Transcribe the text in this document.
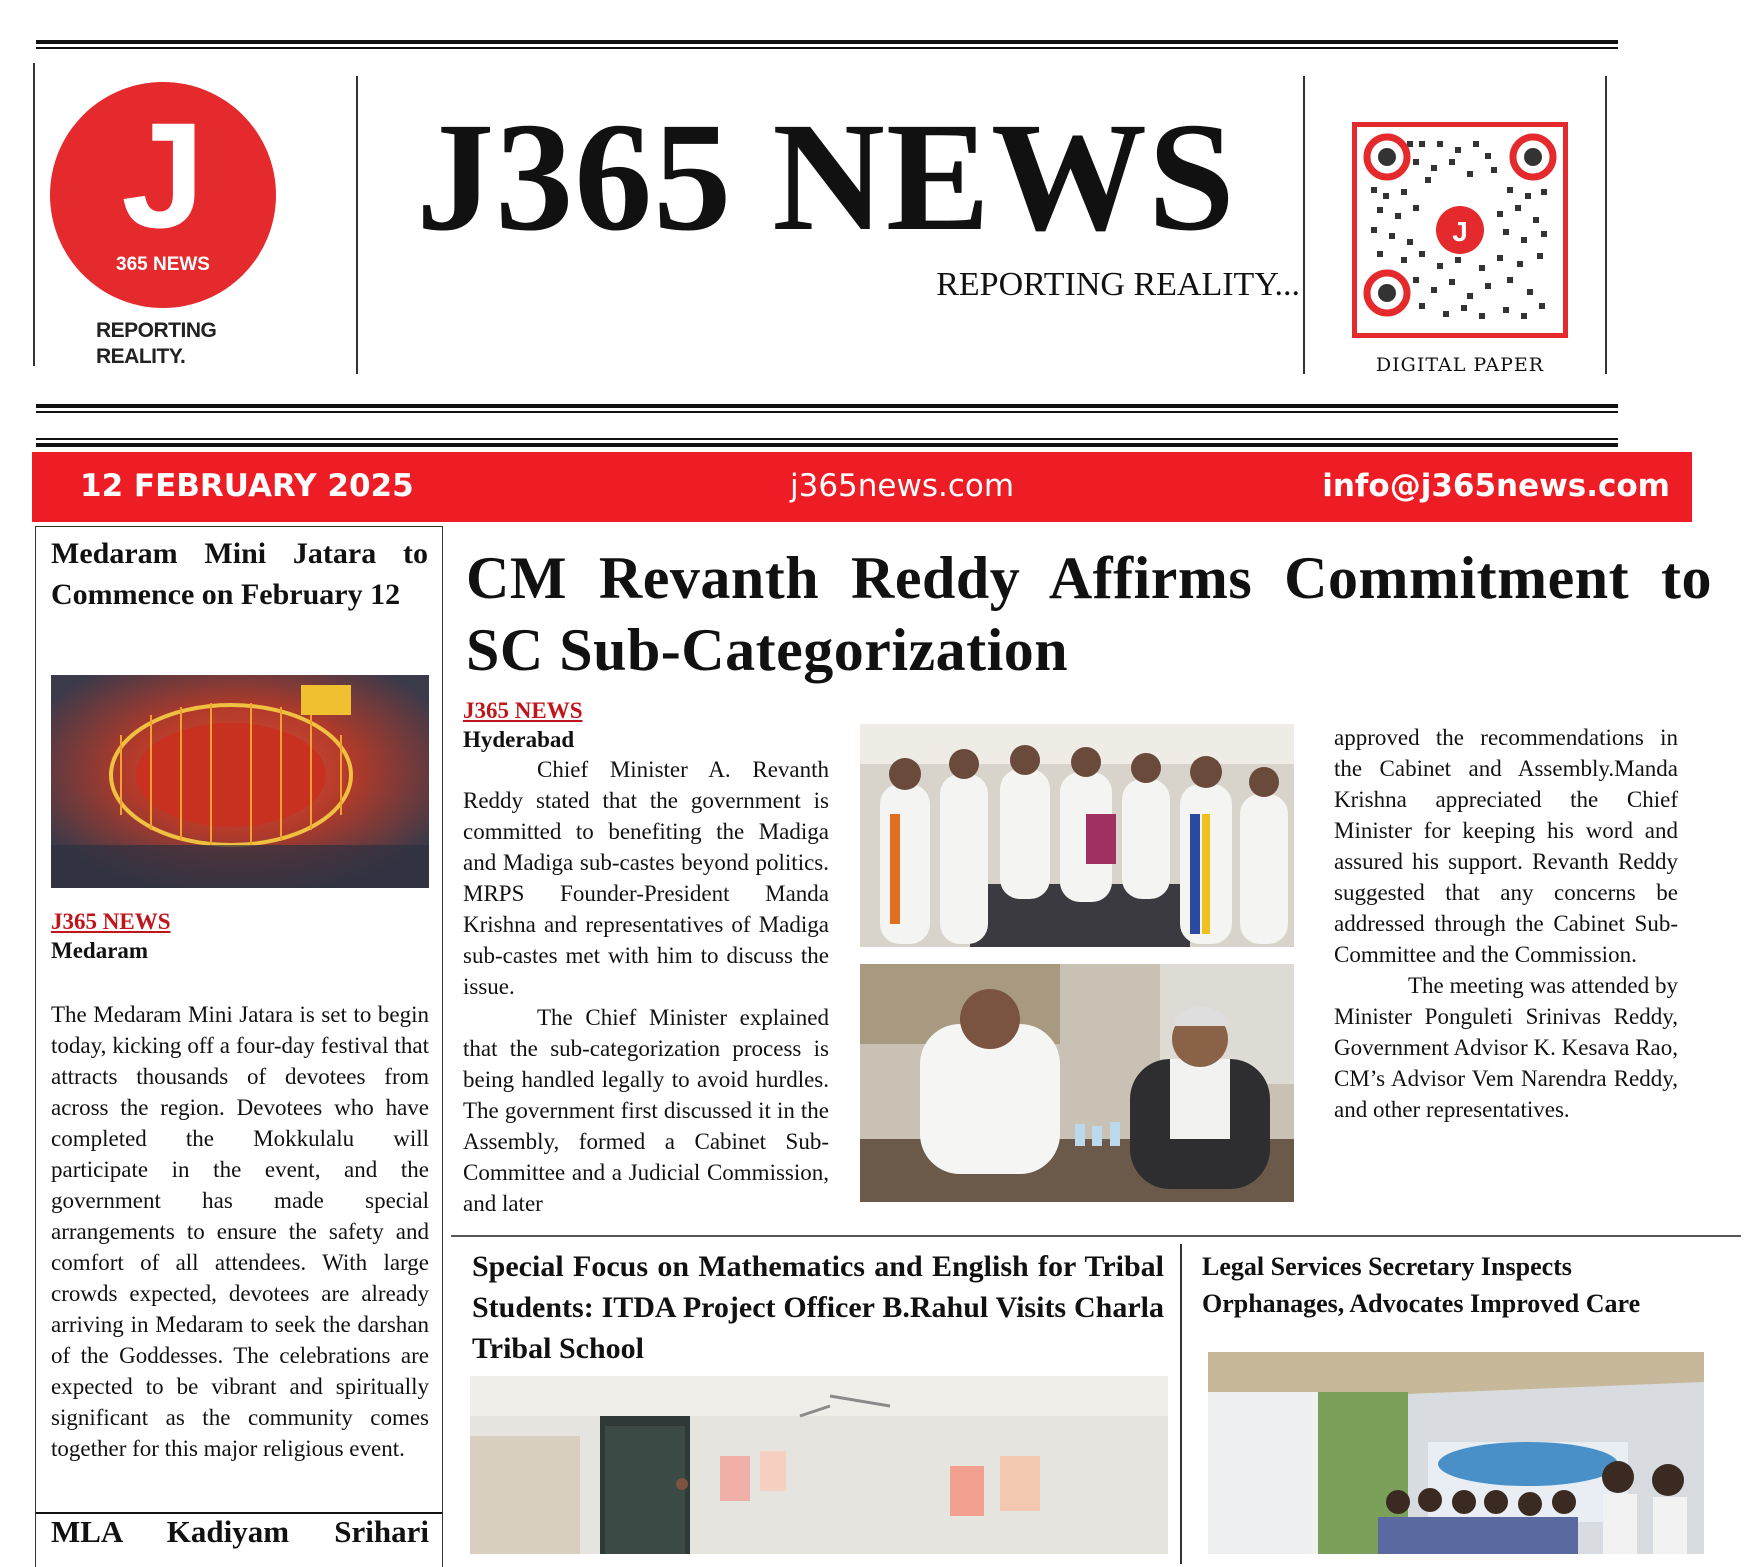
J
365 NEWS
REPORTING
REALITY.
J365 NEWS
REPORTING REALITY...
J
DIGITAL PAPER
12 FEBRUARY 2025	j365news.com	info@j365news.com
Medaram Mini Jatara to Commence on February 12
J365 NEWS
Medaram
The Medaram Mini Jatara is set to begin today, kicking off a four-day festival that attracts thousands of devotees from across the region. Devotees who have completed the Mokkulalu will participate in the event, and the government has made special arrangements to ensure the safety and comfort of all attendees. With large crowds expected, devotees are already arriving in Medaram to seek the darshan of the Goddesses. The celebrations are expected to be vibrant and spiritually significant as the community comes together for this major religious event.
MLA Kadiyam Srihari
CM Revanth Reddy Affirms Commitment to SC Sub-Categorization
J365 NEWS
Hyderabad
Chief Minister A. Revanth Reddy stated that the government is committed to benefiting the Madiga and Madiga sub-castes beyond politics. MRPS Founder-President Manda Krishna and representatives of Madiga sub-castes met with him to discuss the issue.
The Chief Minister explained that the sub-categorization process is being handled legally to avoid hurdles. The government first discussed it in the Assembly, formed a Cabinet Sub-Committee and a Judicial Commission, and later
approved the recommendations in the Cabinet and Assembly.Manda Krishna appreciated the Chief Minister for keeping his word and assured his support. Revanth Reddy suggested that any concerns be addressed through the Cabinet Sub-Committee and the Commission.
The meeting was attended by Minister Ponguleti Srinivas Reddy, Government Advisor K. Kesava Rao, CM’s Advisor Vem Narendra Reddy, and other representatives.
Special Focus on Mathematics and English for Tribal Students: ITDA Project Officer B.Rahul Visits Charla Tribal School
Legal Services Secretary Inspects Orphanages, Advocates Improved Care
